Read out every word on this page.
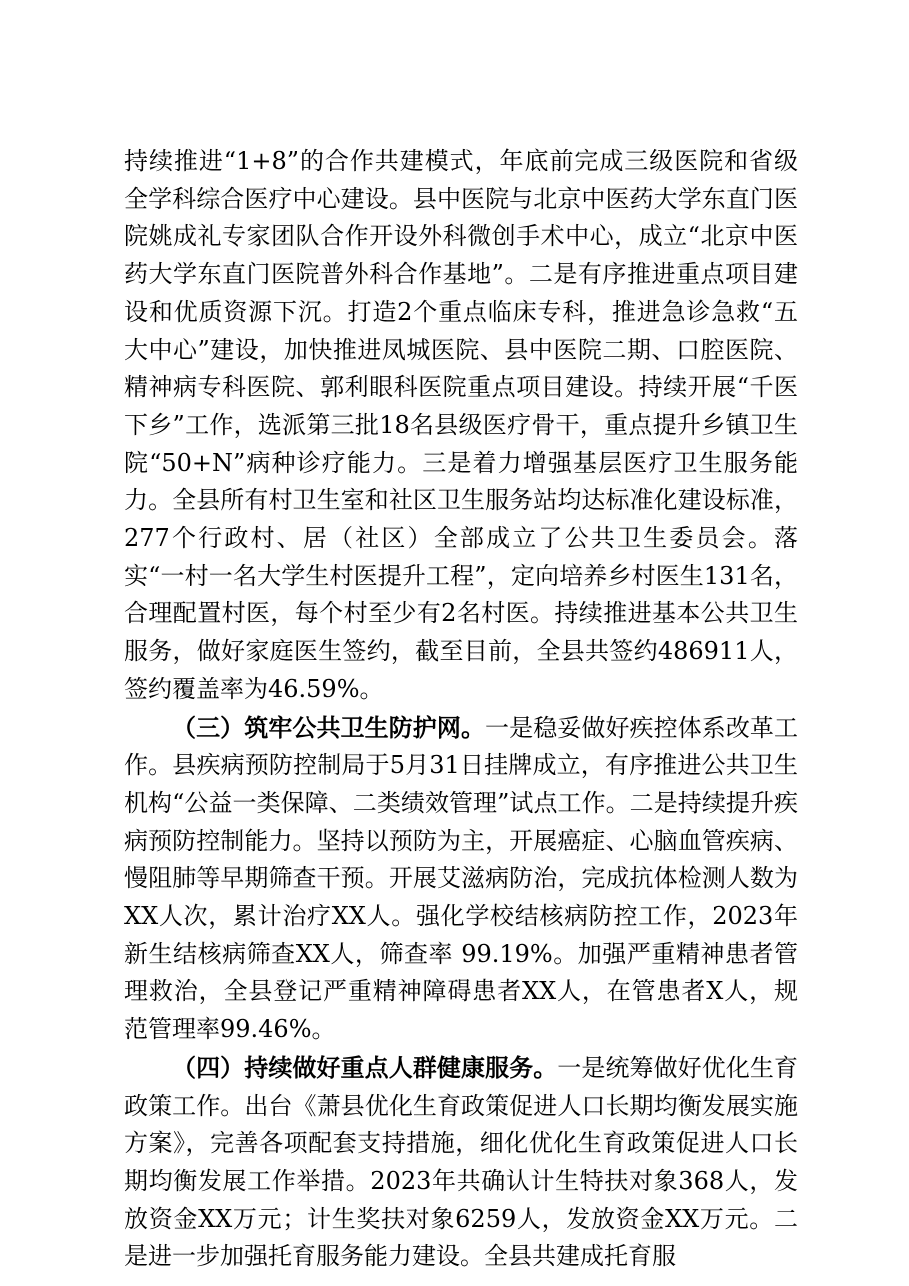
持续推进“1+8”的合作共建模式，年底前完成三级医院和省级全学科综合医疗中心建设。县中医院与北京中医药大学东直门医院姚成礼专家团队合作开设外科微创手术中心，成立“北京中医药大学东直门医院普外科合作基地”。二是有序推进重点项目建设和优质资源下沉。打造2个重点临床专科，推进急诊急救“五大中心”建设，加快推进凤城医院、县中医院二期、口腔医院、精神病专科医院、郭利眼科医院重点项目建设。持续开展“千医下乡”工作，选派第三批18名县级医疗骨干，重点提升乡镇卫生院“50+N”病种诊疗能力。三是着力增强基层医疗卫生服务能力。全县所有村卫生室和社区卫生服务站均达标准化建设标准，277个行政村、居（社区）全部成立了公共卫生委员会。落实“一村一名大学生村医提升工程”，定向培养乡村医生131名，合理配置村医，每个村至少有2名村医。持续推进基本公共卫生服务，做好家庭医生签约，截至目前，全县共签约486911人，签约覆盖率为46.59%。

（三）筑牢公共卫生防护网。一是稳妥做好疾控体系改革工作。县疾病预防控制局于5月31日挂牌成立，有序推进公共卫生机构“公益一类保障、二类绩效管理”试点工作。二是持续提升疾病预防控制能力。坚持以预防为主，开展癌症、心脑血管疾病、慢阻肺等早期筛查干预。开展艾滋病防治，完成抗体检测人数为XX人次，累计治疗XX人。强化学校结核病防控工作，2023年新生结核病筛查XX人，筛查率 99.19%。加强严重精神患者管理救治，全县登记严重精神障碍患者XX人，在管患者X人，规范管理率99.46%。

（四）持续做好重点人群健康服务。一是统筹做好优化生育政策工作。出台《萧县优化生育政策促进人口长期均衡发展实施方案》，完善各项配套支持措施，细化优化生育政策促进人口长期均衡发展工作举措。2023年共确认计生特扶对象368人，发放资金XX万元；计生奖扶对象6259人，发放资金XX万元。二是进一步加强托育服务能力建设。全县共建成托育服
